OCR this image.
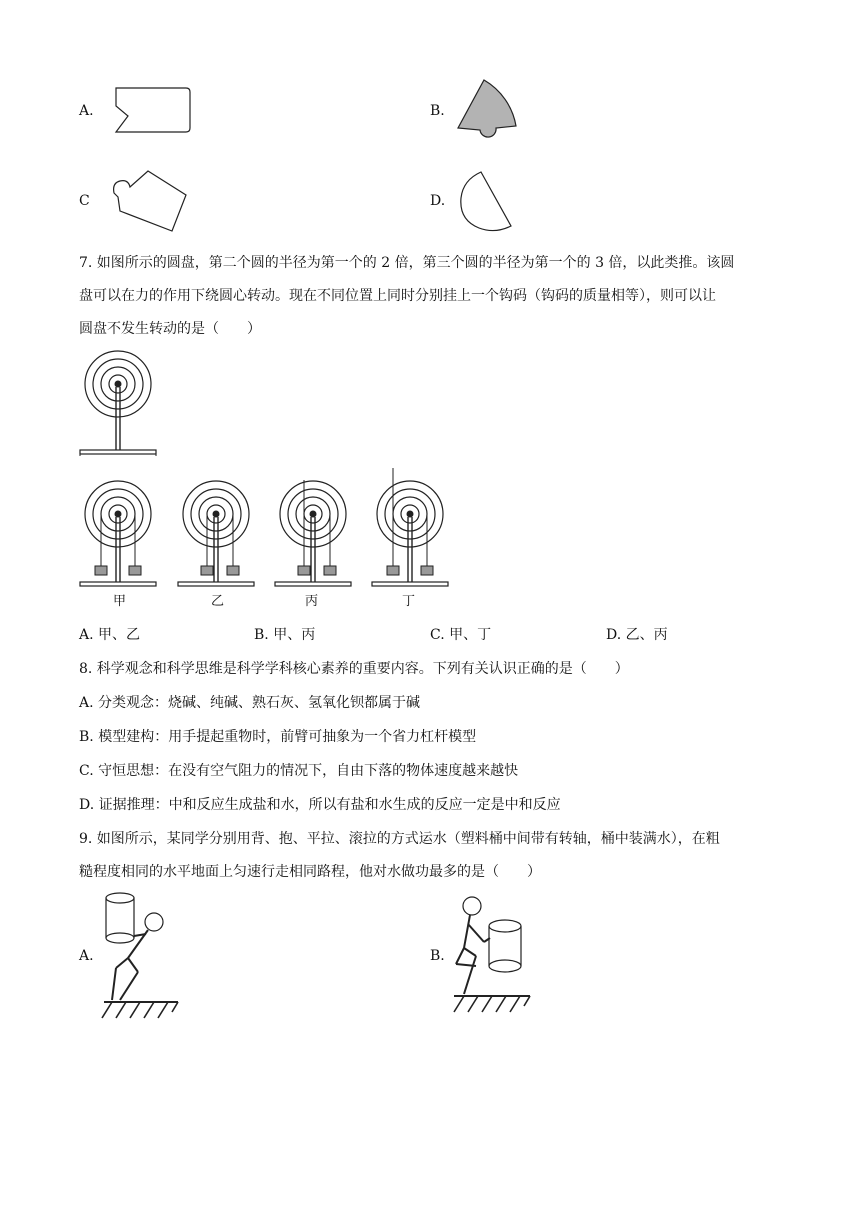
A.	B.
C	D.
7. 如图所示的圆盘，第二个圆的半径为第一个的 2 倍，第三个圆的半径为第一个的 3 倍，以此类推。该圆
盘可以在力的作用下绕圆心转动。现在不同位置上同时分别挂上一个钩码（钩码的质量相等），则可以让
圆盘不发生转动的是（　　）
甲	乙	丙	丁
A. 甲、乙	B. 甲、丙	C. 甲、丁	D. 乙、丙
8. 科学观念和科学思维是科学学科核心素养的重要内容。下列有关认识正确的是（　　）
A. 分类观念：烧碱、纯碱、熟石灰、氢氧化钡都属于碱
B. 模型建构：用手提起重物时，前臂可抽象为一个省力杠杆模型
C. 守恒思想：在没有空气阻力的情况下，自由下落的物体速度越来越快
D. 证据推理：中和反应生成盐和水，所以有盐和水生成的反应一定是中和反应
9. 如图所示，某同学分别用背、抱、平拉、滚拉的方式运水（塑料桶中间带有转轴，桶中装满水），在粗
糙程度相同的水平地面上匀速行走相同路程，他对水做功最多的是（　　）
A.	B.
